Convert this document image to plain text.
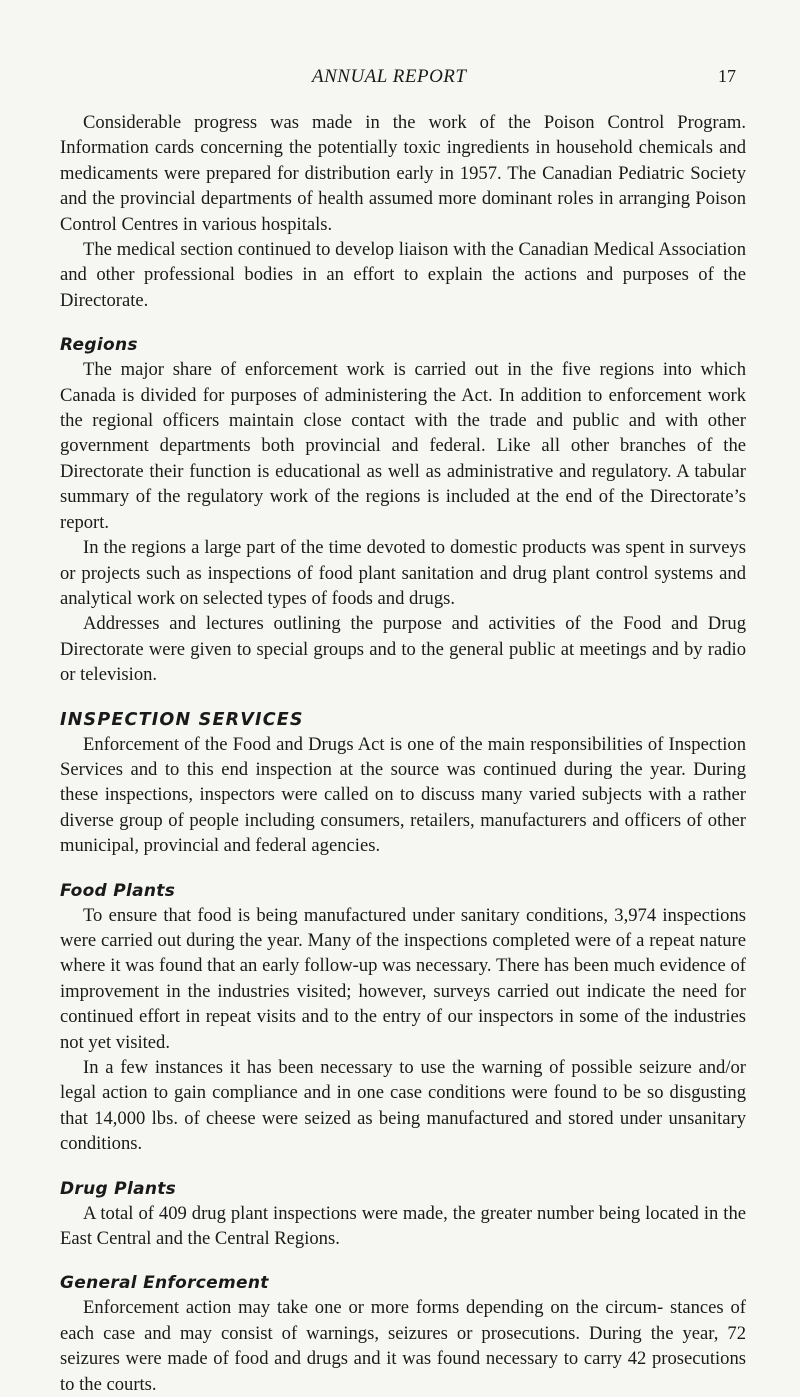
ANNUAL REPORT	17

Considerable progress was made in the work of the Poison Control Program. Information cards concerning the potentially toxic ingredients in household chemicals and medicaments were prepared for distribution early in 1957. The Canadian Pediatric Society and the provincial departments of health assumed more dominant roles in arranging Poison Control Centres in various hospitals.

The medical section continued to develop liaison with the Canadian Medical Association and other professional bodies in an effort to explain the actions and purposes of the Directorate.

Regions

The major share of enforcement work is carried out in the five regions into which Canada is divided for purposes of administering the Act. In addition to enforcement work the regional officers maintain close contact with the trade and public and with other government departments both provincial and federal. Like all other branches of the Directorate their function is educational as well as administrative and regulatory. A tabular summary of the regulatory work of the regions is included at the end of the Directorate’s report.

In the regions a large part of the time devoted to domestic products was spent in surveys or projects such as inspections of food plant sanitation and drug plant control systems and analytical work on selected types of foods and drugs.

Addresses and lectures outlining the purpose and activities of the Food and Drug Directorate were given to special groups and to the general public at meetings and by radio or television.

INSPECTION SERVICES

Enforcement of the Food and Drugs Act is one of the main responsibilities of Inspection Services and to this end inspection at the source was continued during the year. During these inspections, inspectors were called on to discuss many varied subjects with a rather diverse group of people including consumers, retailers, manufacturers and officers of other municipal, provincial and federal agencies.

Food Plants

To ensure that food is being manufactured under sanitary conditions, 3,974 inspections were carried out during the year. Many of the inspections completed were of a repeat nature where it was found that an early follow-up was necessary. There has been much evidence of improvement in the industries visited; however, surveys carried out indicate the need for continued effort in repeat visits and to the entry of our inspectors in some of the industries not yet visited.

In a few instances it has been necessary to use the warning of possible seizure and/or legal action to gain compliance and in one case conditions were found to be so disgusting that 14,000 lbs. of cheese were seized as being manufactured and stored under unsanitary conditions.

Drug Plants

A total of 409 drug plant inspections were made, the greater number being located in the East Central and the Central Regions.

General Enforcement

Enforcement action may take one or more forms depending on the circum- stances of each case and may consist of warnings, seizures or prosecutions. During the year, 72 seizures were made of food and drugs and it was found necessary to carry 42 prosecutions to the courts.
